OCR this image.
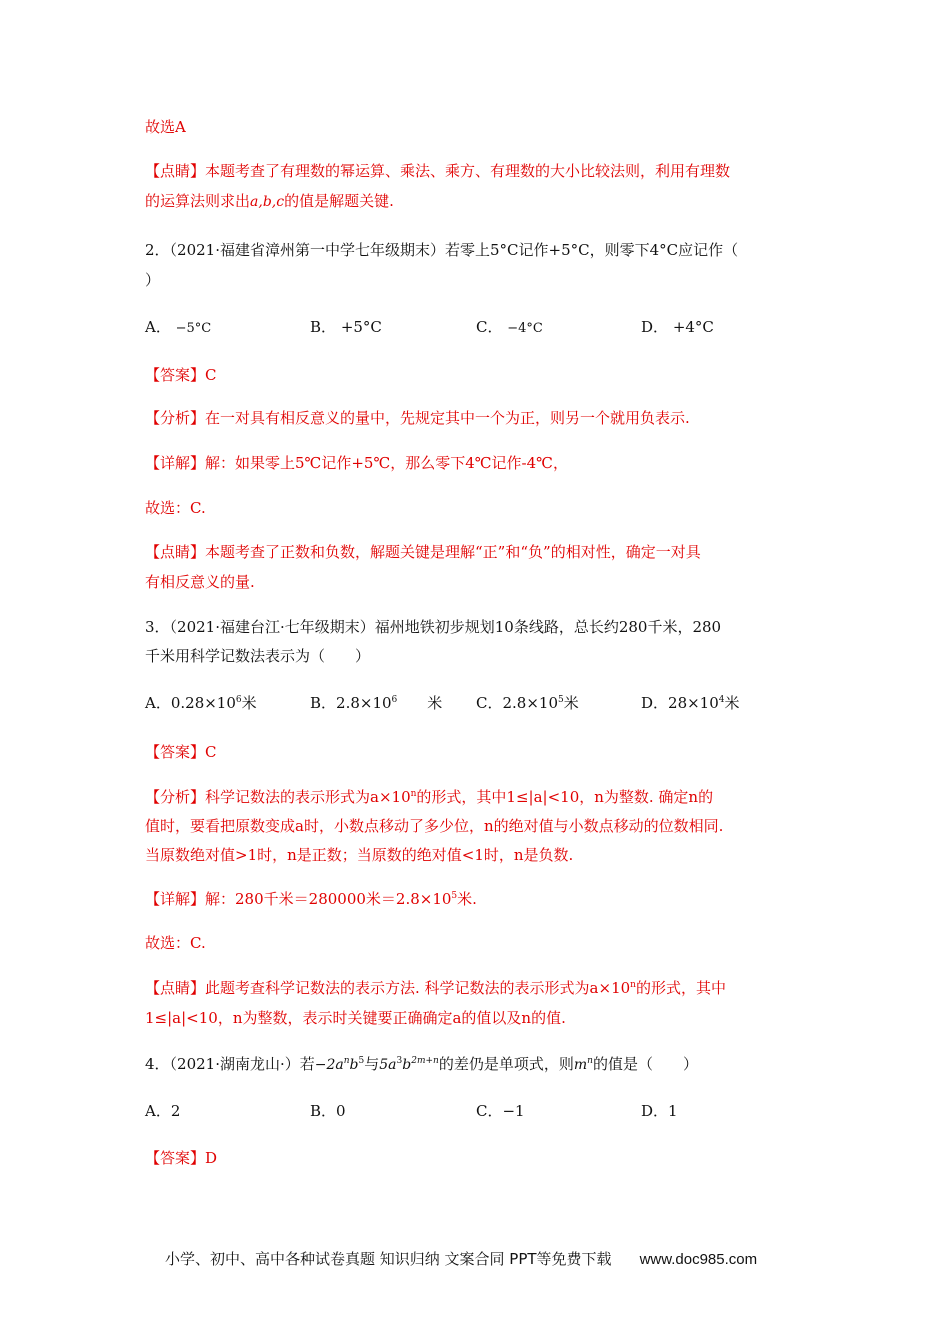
故选A
【点睛】本题考查了有理数的幂运算、乘法、乘方、有理数的大小比较法则，利用有理数
的运算法则求出a,b,c的值是解题关键.
2．（2021·福建省漳州第一中学七年级期末）若零上5°C记作+5°C，则零下4°C应记作（
）
A． −5°C	B． +5°C	C． −4°C	D． +4°C
【答案】C
【分析】在一对具有相反意义的量中，先规定其中一个为正，则另一个就用负表示.
【详解】解：如果零上5℃记作+5℃，那么零下4℃记作-4℃，
故选：C.
【点睛】本题考查了正数和负数，解题关键是理解“正”和“负”的相对性，确定一对具
有相反意义的量.
3．（2021·福建台江·七年级期末）福州地铁初步规划10条线路，总长约280千米，280
千米用科学记数法表示为（　　）
A．$0.28\times 10^6$米	B．$2.8\times 10^6$ 米 C．$2.8\times 10^5$米	D．$28\times 10^4$米
【答案】C
【分析】科学记数法的表示形式为$a\times 10^n$的形式，其中1≤|a|<10，n为整数. 确定n的
值时，要看把原数变成a时，小数点移动了多少位，n的绝对值与小数点移动的位数相同.
当原数绝对值>1时，n是正数；当原数的绝对值<1时，n是负数.
【详解】解：280千米＝280000米$=2.8\times 10^5$米.
故选：C.
【点睛】此题考查科学记数法的表示方法. 科学记数法的表示形式为$a\times 10^n$的形式，其中
1≤|a|<10，n为整数，表示时关键要正确确定a的值以及n的值.
4．（2021·湖南龙山·）若$-2a^nb^5$与$5a^3b^{2m+n}$的差仍是单项式，则$m^n$的值是（　　）
A．2	B．0	C．−1	D．1
【答案】D
小学、初中、高中各种试卷真题 知识归纳 文案合同 PPT等免费下载 www.doc985.com
